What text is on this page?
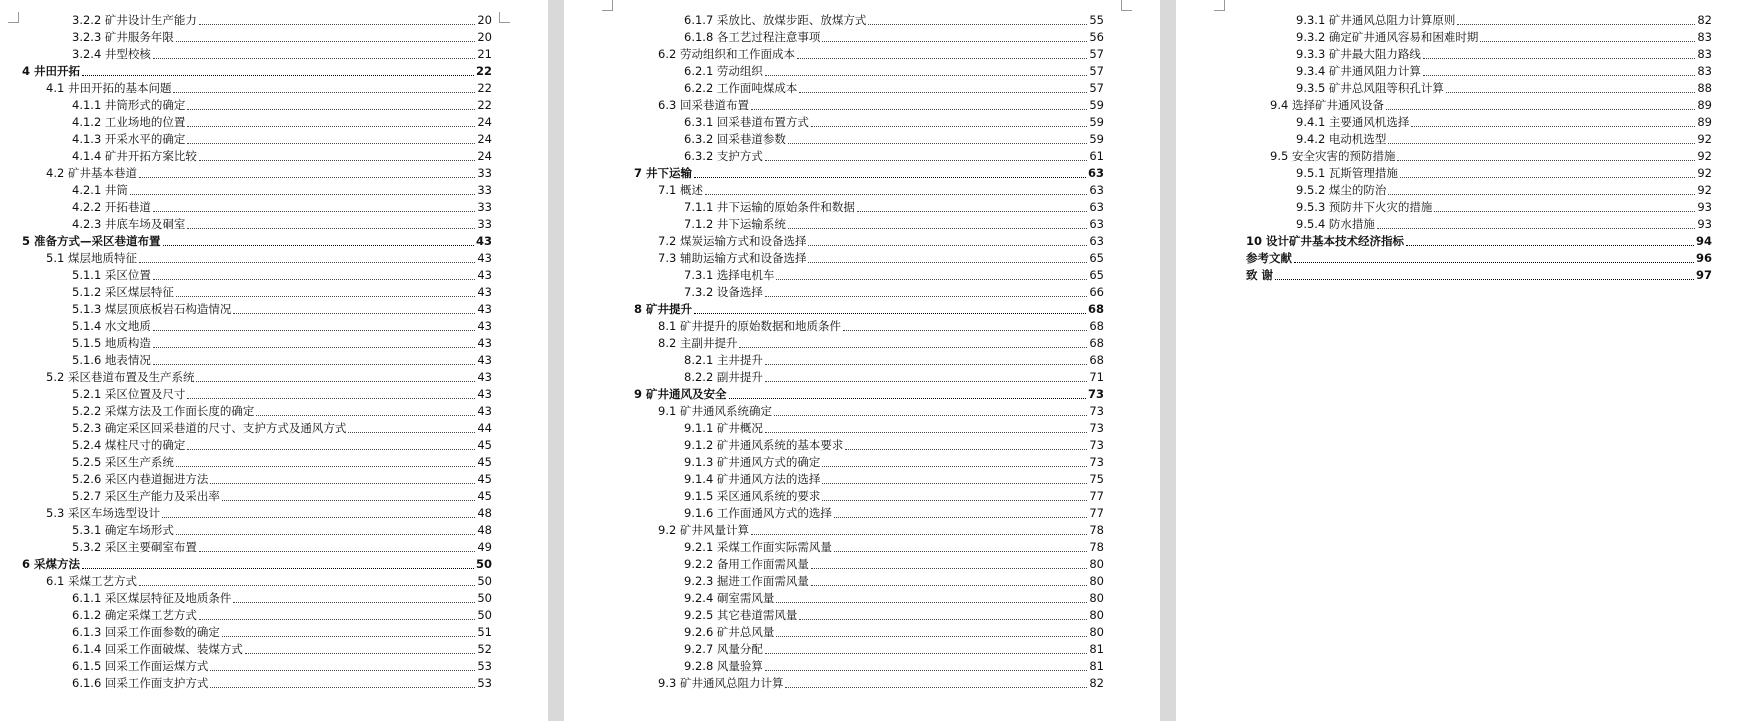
3.2.2 矿井设计生产能力	20
3.2.3 矿井服务年限	20
3.2.4 井型校核	21
4 井田开拓	22
4.1 井田开拓的基本问题	22
4.1.1 井筒形式的确定	22
4.1.2 工业场地的位置	24
4.1.3 开采水平的确定	24
4.1.4 矿井开拓方案比较	24
4.2 矿井基本巷道	33
4.2.1 井筒	33
4.2.2 开拓巷道	33
4.2.3 井底车场及硐室	33
5 准备方式—采区巷道布置	43
5.1 煤层地质特征	43
5.1.1 采区位置	43
5.1.2 采区煤层特征	43
5.1.3 煤层顶底板岩石构造情况	43
5.1.4 水文地质	43
5.1.5 地质构造	43
5.1.6 地表情况	43
5.2 采区巷道布置及生产系统	43
5.2.1 采区位置及尺寸	43
5.2.2 采煤方法及工作面长度的确定	43
5.2.3 确定采区回采巷道的尺寸、支护方式及通风方式	44
5.2.4 煤柱尺寸的确定	45
5.2.5 采区生产系统	45
5.2.6 采区内巷道掘进方法	45
5.2.7 采区生产能力及采出率	45
5.3 采区车场选型设计	48
5.3.1 确定车场形式	48
5.3.2 采区主要硐室布置	49
6 采煤方法	50
6.1 采煤工艺方式	50
6.1.1 采区煤层特征及地质条件	50
6.1.2 确定采煤工艺方式	50
6.1.3 回采工作面参数的确定	51
6.1.4 回采工作面破煤、装煤方式	52
6.1.5 回采工作面运煤方式	53
6.1.6 回采工作面支护方式	53
6.1.7 采放比、放煤步距、放煤方式	55
6.1.8 各工艺过程注意事项	56
6.2 劳动组织和工作面成本	57
6.2.1 劳动组织	57
6.2.2 工作面吨煤成本	57
6.3 回采巷道布置	59
6.3.1 回采巷道布置方式	59
6.3.2 回采巷道参数	59
6.3.2 支护方式	61
7 井下运输	63
7.1 概述	63
7.1.1 井下运输的原始条件和数据	63
7.1.2 井下运输系统	63
7.2 煤炭运输方式和设备选择	63
7.3 辅助运输方式和设备选择	65
7.3.1 选择电机车	65
7.3.2 设备选择	66
8 矿井提升	68
8.1 矿井提升的原始数据和地质条件	68
8.2 主副井提升	68
8.2.1 主井提升	68
8.2.2 副井提升	71
9 矿井通风及安全	73
9.1 矿井通风系统确定	73
9.1.1 矿井概况	73
9.1.2 矿井通风系统的基本要求	73
9.1.3 矿井通风方式的确定	73
9.1.4 矿井通风方法的选择	75
9.1.5 采区通风系统的要求	77
9.1.6 工作面通风方式的选择	77
9.2 矿井风量计算	78
9.2.1 采煤工作面实际需风量	78
9.2.2 备用工作面需风量	80
9.2.3 掘进工作面需风量	80
9.2.4 硐室需风量	80
9.2.5 其它巷道需风量	80
9.2.6 矿井总风量	80
9.2.7 风量分配	81
9.2.8 风量验算	81
9.3 矿井通风总阻力计算	82
9.3.1 矿井通风总阻力计算原则	82
9.3.2 确定矿井通风容易和困难时期	83
9.3.3 矿井最大阻力路线	83
9.3.4 矿井通风阻力计算	83
9.3.5 矿井总风阻等积孔计算	88
9.4 选择矿井通风设备	89
9.4.1 主要通风机选择	89
9.4.2 电动机选型	92
9.5 安全灾害的预防措施	92
9.5.1 瓦斯管理措施	92
9.5.2 煤尘的防治	92
9.5.3 预防井下火灾的措施	93
9.5.4 防水措施	93
10 设计矿井基本技术经济指标	94
参考文献	96
致 谢	97
